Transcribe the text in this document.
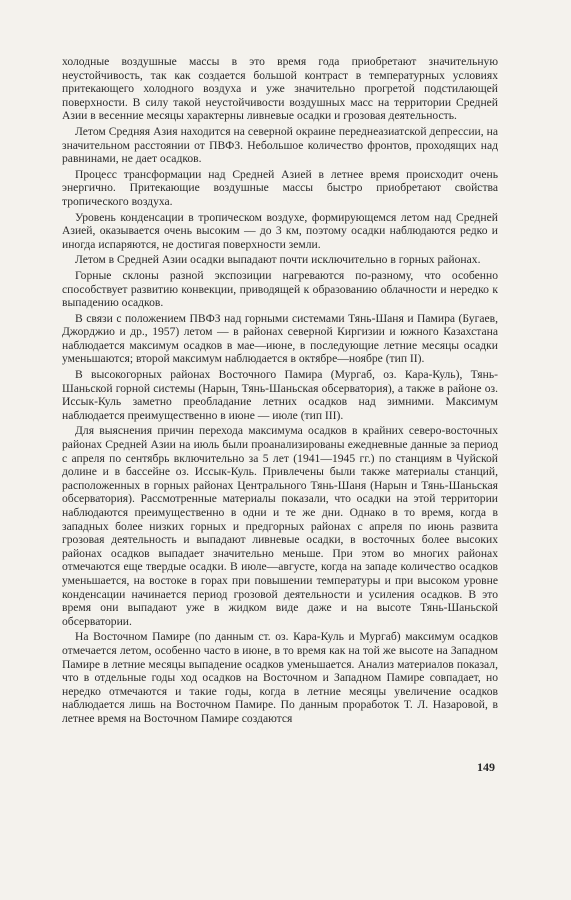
холодные воздушные массы в это время года приобретают значительную неустойчивость, так как создается большой контраст в температурных условиях притекающего холодного воздуха и уже значительно прогретой подстилающей поверхности. В силу такой неустойчивости воздушных масс на территории Средней Азии в весенние месяцы характерны ливневые осадки и грозовая деятельность.

Летом Средняя Азия находится на северной окраине переднеазиатской депрессии, на значительном расстоянии от ПВФЗ. Небольшое количество фронтов, проходящих над равнинами, не дает осадков.

Процесс трансформации над Средней Азией в летнее время происходит очень энергично. Притекающие воздушные массы быстро приобретают свойства тропического воздуха.

Уровень конденсации в тропическом воздухе, формирующемся летом над Средней Азией, оказывается очень высоким — до 3 км, поэтому осадки наблюдаются редко и иногда испаряются, не достигая поверхности земли.

Летом в Средней Азии осадки выпадают почти исключительно в горных районах.

Горные склоны разной экспозиции нагреваются по-разному, что особенно способствует развитию конвекции, приводящей к образованию облачности и нередко к выпадению осадков.

В связи с положением ПВФЗ над горными системами Тянь-Шаня и Памира (Бугаев, Джорджио и др., 1957) летом — в районах северной Киргизии и южного Казахстана наблюдается максимум осадков в мае—июне, в последующие летние месяцы осадки уменьшаются; второй максимум наблюдается в октябре—ноябре (тип II).

В высокогорных районах Восточного Памира (Мургаб, оз. Кара-Куль), Тянь-Шаньской горной системы (Нарын, Тянь-Шаньская обсерватория), а также в районе оз. Иссык-Куль заметно преобладание летних осадков над зимними. Максимум наблюдается преимущественно в июне — июле (тип III).

Для выяснения причин перехода максимума осадков в крайних северо-восточных районах Средней Азии на июль были проанализированы ежедневные данные за период с апреля по сентябрь включительно за 5 лет (1941—1945 гг.) по станциям в Чуйской долине и в бассейне оз. Иссык-Куль. Привлечены были также материалы станций, расположенных в горных районах Центрального Тянь-Шаня (Нарын и Тянь-Шаньская обсерватория). Рассмотренные материалы показали, что осадки на этой территории наблюдаются преимущественно в одни и те же дни. Однако в то время, когда в западных более низких горных и предгорных районах с апреля по июнь развита грозовая деятельность и выпадают ливневые осадки, в восточных более высоких районах осадков выпадает значительно меньше. При этом во многих районах отмечаются еще твердые осадки. В июле—августе, когда на западе количество осадков уменьшается, на востоке в горах при повышении температуры и при высоком уровне конденсации начинается период грозовой деятельности и усиления осадков. В это время они выпадают уже в жидком виде даже и на высоте Тянь-Шаньской обсерватории.

На Восточном Памире (по данным ст. оз. Кара-Куль и Мургаб) максимум осадков отмечается летом, особенно часто в июне, в то время как на той же высоте на Западном Памире в летние месяцы выпадение осадков уменьшается. Анализ материалов показал, что в отдельные годы ход осадков на Восточном и Западном Памире совпадает, но нередко отмечаются и такие годы, когда в летние месяцы увеличение осадков наблюдается лишь на Восточном Памире. По данным проработок Т. Л. Назаровой, в летнее время на Восточном Памире создаются

149
